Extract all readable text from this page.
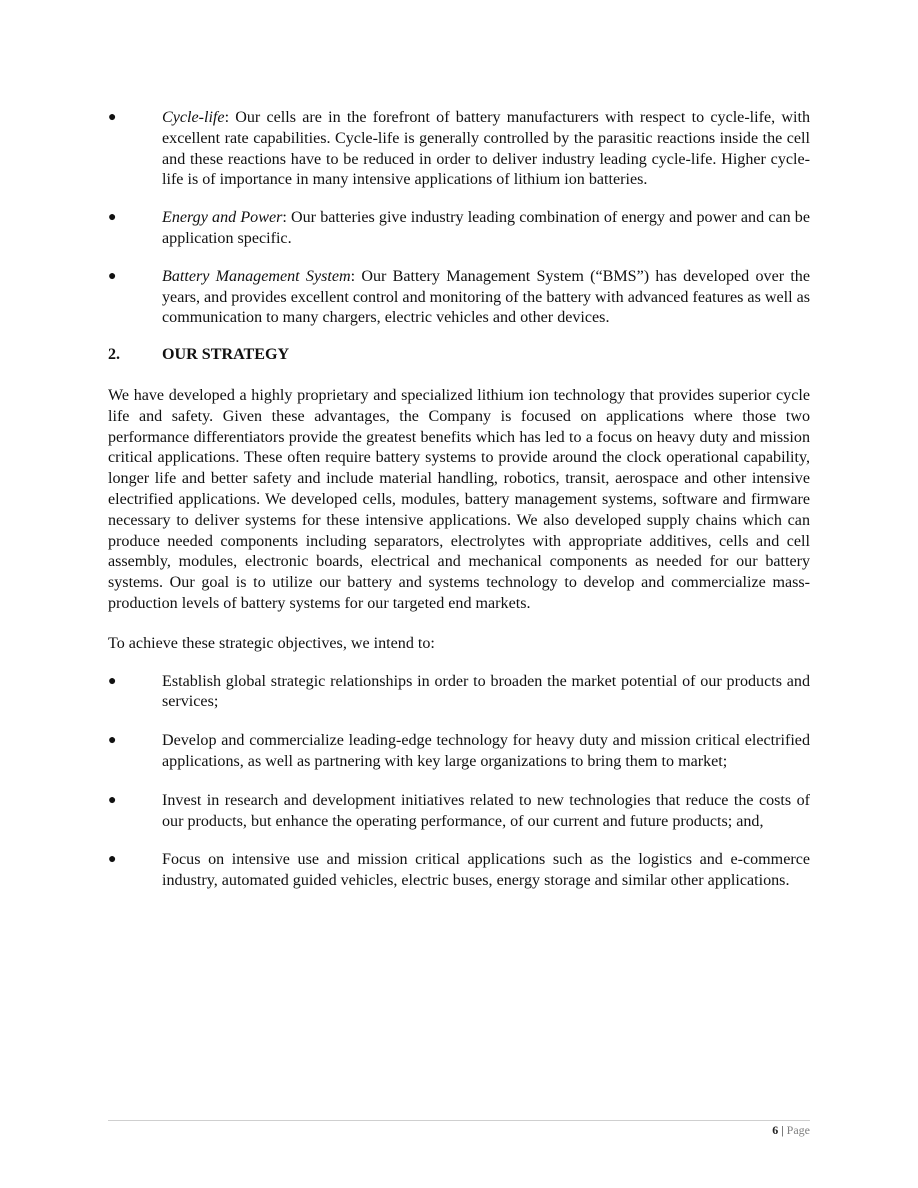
●	Cycle-life: Our cells are in the forefront of battery manufacturers with respect to cycle-life, with excellent rate capabilities. Cycle-life is generally controlled by the parasitic reactions inside the cell and these reactions have to be reduced in order to deliver industry leading cycle-life. Higher cycle-life is of importance in many intensive applications of lithium ion batteries.

●	Energy and Power: Our batteries give industry leading combination of energy and power and can be application specific.

●	Battery Management System: Our Battery Management System (“BMS”) has developed over the years, and provides excellent control and monitoring of the battery with advanced features as well as communication to many chargers, electric vehicles and other devices.

2.	OUR STRATEGY

We have developed a highly proprietary and specialized lithium ion technology that provides superior cycle life and safety. Given these advantages, the Company is focused on applications where those two performance differentiators provide the greatest benefits which has led to a focus on heavy duty and mission critical applications. These often require battery systems to provide around the clock operational capability, longer life and better safety and include material handling, robotics, transit, aerospace and other intensive electrified applications. We developed cells, modules, battery management systems, software and firmware necessary to deliver systems for these intensive applications. We also developed supply chains which can produce needed components including separators, electrolytes with appropriate additives, cells and cell assembly, modules, electronic boards, electrical and mechanical components as needed for our battery systems. Our goal is to utilize our battery and systems technology to develop and commercialize mass-production levels of battery systems for our targeted end markets.

To achieve these strategic objectives, we intend to:

●	Establish global strategic relationships in order to broaden the market potential of our products and services;

●	Develop and commercialize leading-edge technology for heavy duty and mission critical electrified applications, as well as partnering with key large organizations to bring them to market;

●	Invest in research and development initiatives related to new technologies that reduce the costs of our products, but enhance the operating performance, of our current and future products; and,

●	Focus on intensive use and mission critical applications such as the logistics and e-commerce industry, automated guided vehicles, electric buses, energy storage and similar other applications.

6 | Page
